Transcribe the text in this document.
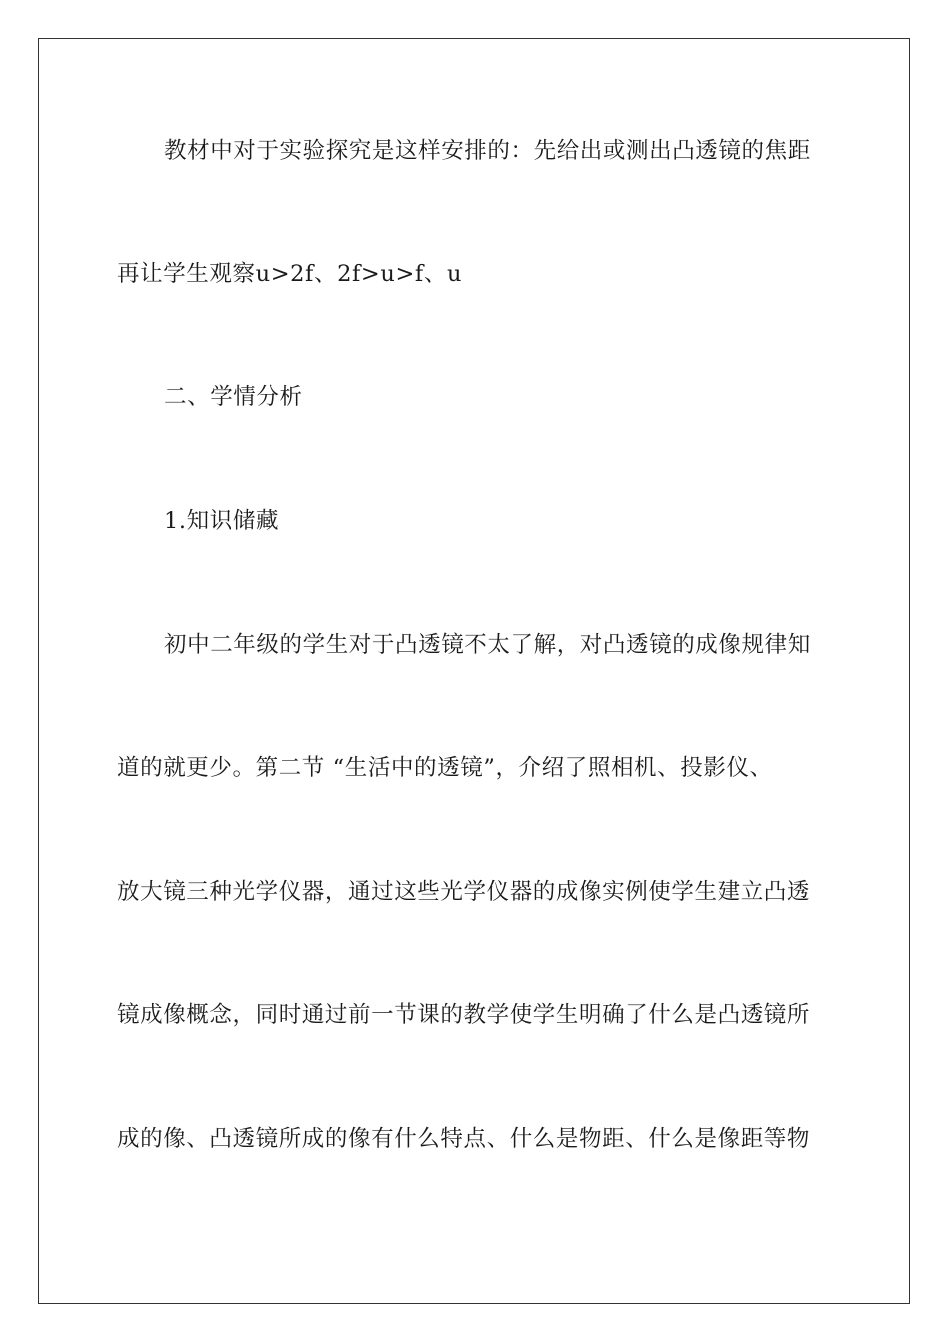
教材中对于实验探究是这样安排的：先给出或测出凸透镜的焦距
再让学生观察u>2f、2f>u>f、u
二、学情分析
1.知识储藏
初中二年级的学生对于凸透镜不太了解，对凸透镜的成像规律知
道的就更少。第二节 “生活中的透镜”，介绍了照相机、投影仪、
放大镜三种光学仪器，通过这些光学仪器的成像实例使学生建立凸透
镜成像概念，同时通过前一节课的教学使学生明确了什么是凸透镜所
成的像、凸透镜所成的像有什么特点、什么是物距、什么是像距等物
